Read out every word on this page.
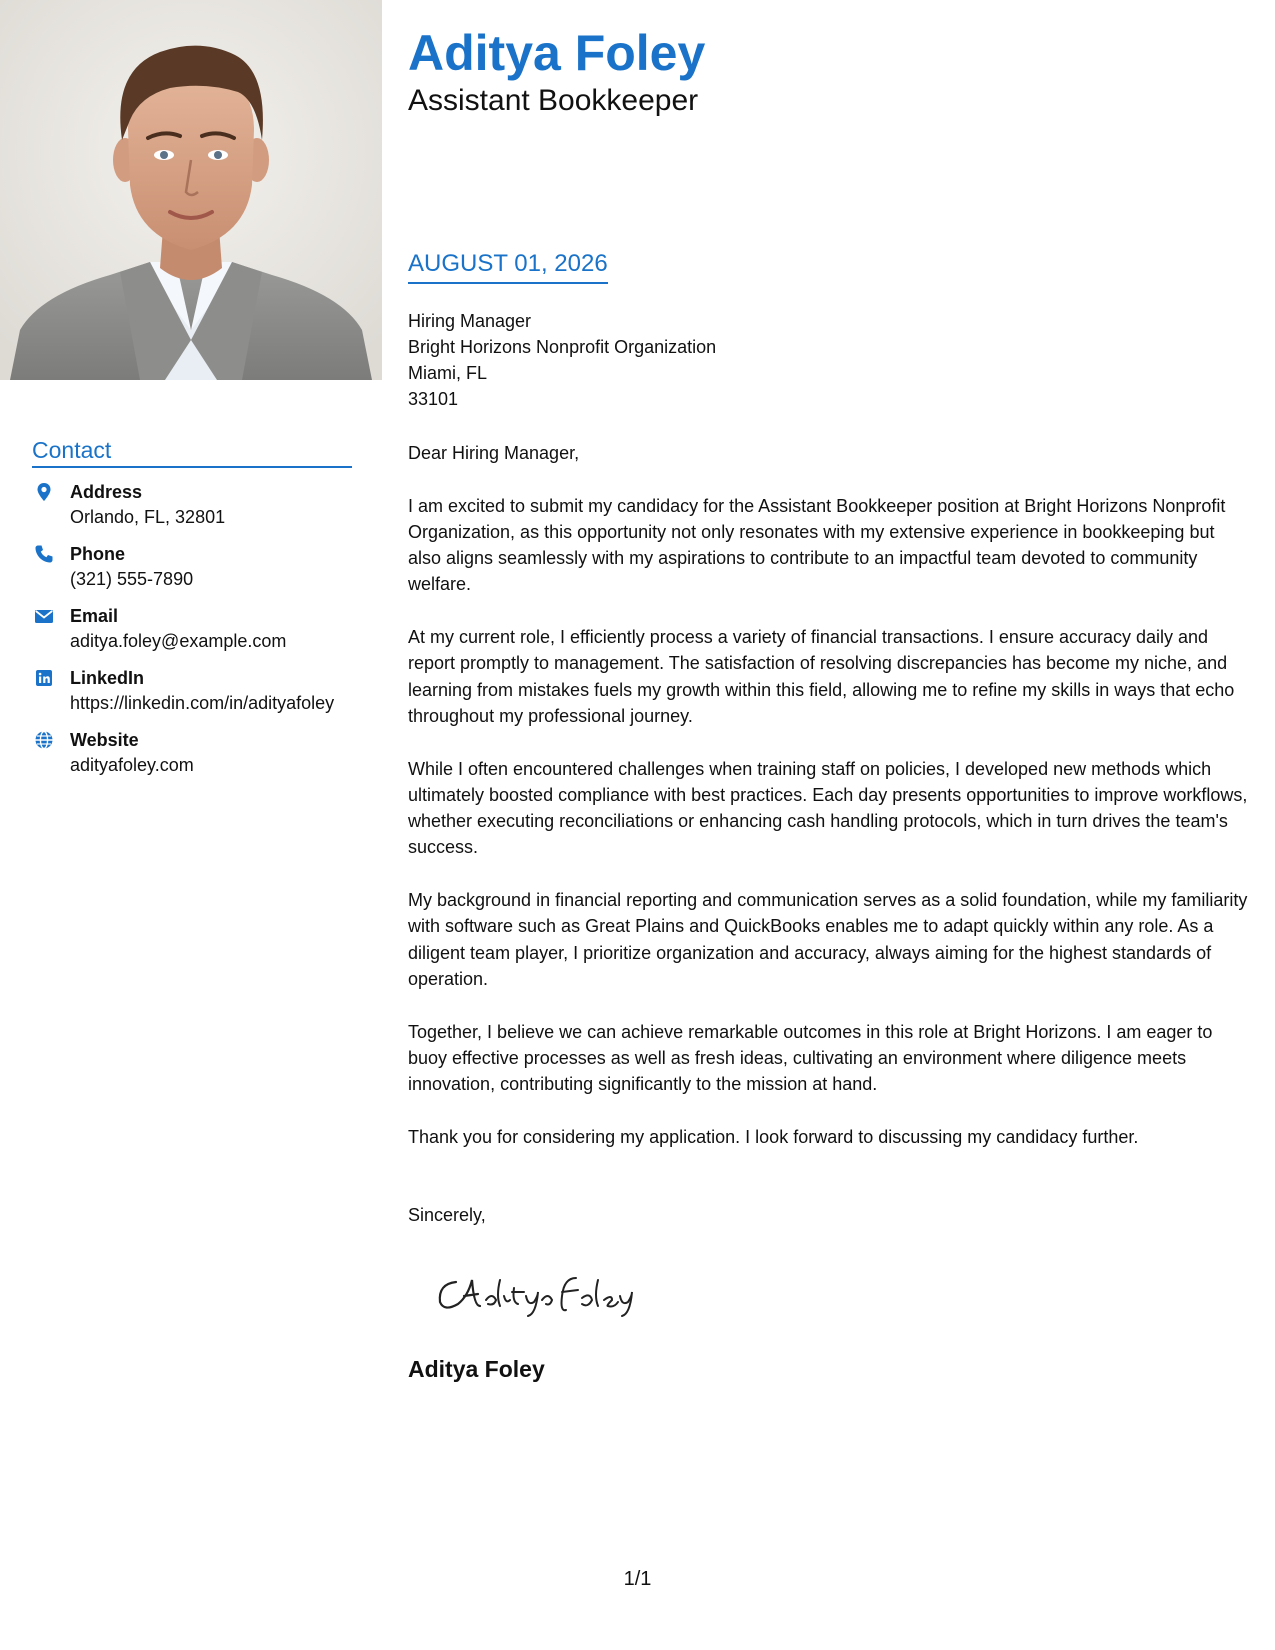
Contact
Address
Orlando, FL, 32801
Phone
(321) 555-7890
Email
aditya.foley@example.com
LinkedIn
https://linkedin.com/in/adityafoley
Website
adityafoley.com
Aditya Foley
Assistant Bookkeeper
AUGUST 01, 2026
Hiring Manager
Bright Horizons Nonprofit Organization
Miami, FL
33101

Dear Hiring Manager,

I am excited to submit my candidacy for the Assistant Bookkeeper position at Bright Horizons Nonprofit Organization, as this opportunity not only resonates with my extensive experience in bookkeeping but also aligns seamlessly with my aspirations to contribute to an impactful team devoted to community welfare.

At my current role, I efficiently process a variety of financial transactions. I ensure accuracy daily and report promptly to management. The satisfaction of resolving discrepancies has become my niche, and learning from mistakes fuels my growth within this field, allowing me to refine my skills in ways that echo throughout my professional journey.

While I often encountered challenges when training staff on policies, I developed new methods which ultimately boosted compliance with best practices. Each day presents opportunities to improve workflows, whether executing reconciliations or enhancing cash handling protocols, which in turn drives the team's success.

My background in financial reporting and communication serves as a solid foundation, while my familiarity with software such as Great Plains and QuickBooks enables me to adapt quickly within any role. As a diligent team player, I prioritize organization and accuracy, always aiming for the highest standards of operation.

Together, I believe we can achieve remarkable outcomes in this role at Bright Horizons. I am eager to buoy effective processes as well as fresh ideas, cultivating an environment where diligence meets innovation, contributing significantly to the mission at hand.

Thank you for considering my application. I look forward to discussing my candidacy further.

Sincerely,
Aditya Foley
1/1
